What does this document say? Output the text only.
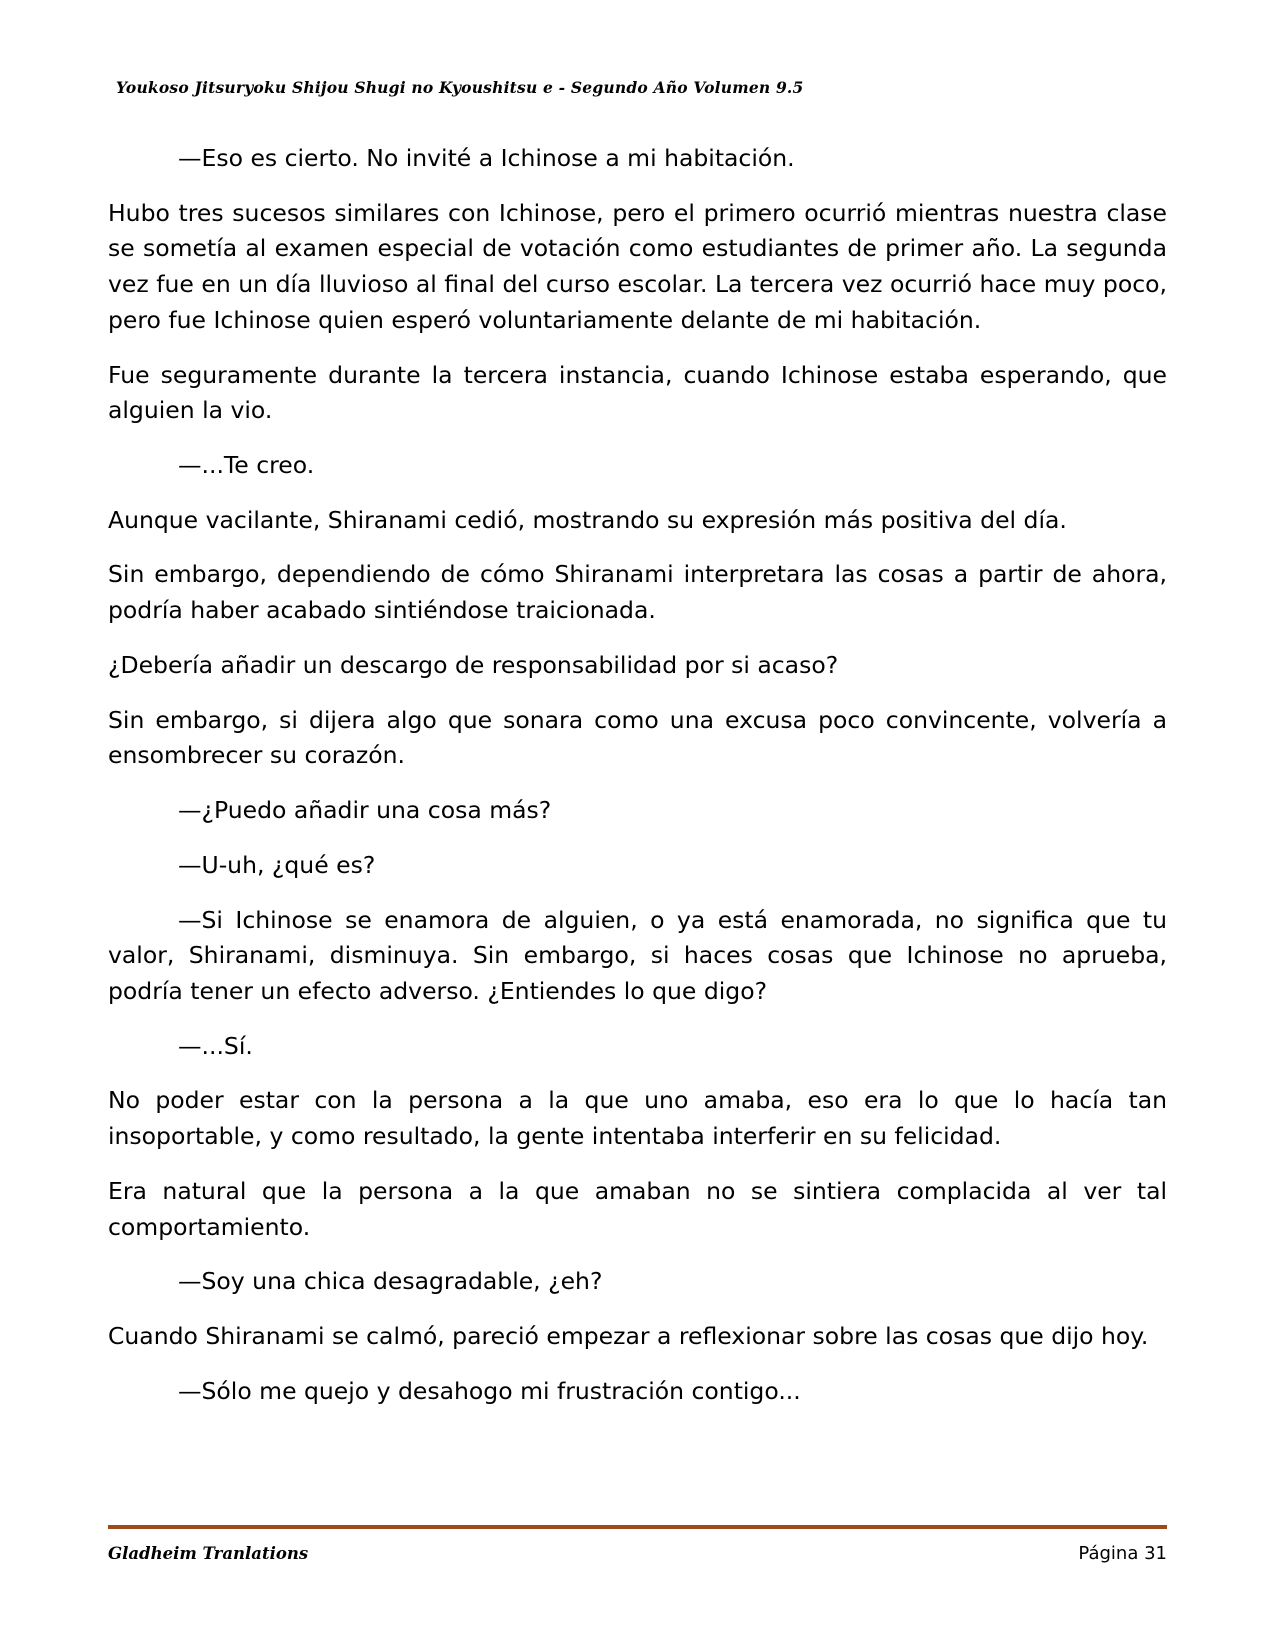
Youkoso Jitsuryoku Shijou Shugi no Kyoushitsu e - Segundo Año Volumen 9.5

—Eso es cierto. No invité a Ichinose a mi habitación.

Hubo tres sucesos similares con Ichinose, pero el primero ocurrió mientras nuestra clase se sometía al examen especial de votación como estudiantes de primer año. La segunda vez fue en un día lluvioso al final del curso escolar. La tercera vez ocurrió hace muy poco, pero fue Ichinose quien esperó voluntariamente delante de mi habitación.

Fue seguramente durante la tercera instancia, cuando Ichinose estaba esperando, que alguien la vio.

—...Te creo.

Aunque vacilante, Shiranami cedió, mostrando su expresión más positiva del día.

Sin embargo, dependiendo de cómo Shiranami interpretara las cosas a partir de ahora, podría haber acabado sintiéndose traicionada.

¿Debería añadir un descargo de responsabilidad por si acaso?

Sin embargo, si dijera algo que sonara como una excusa poco convincente, volvería a ensombrecer su corazón.

—¿Puedo añadir una cosa más?

—U-uh, ¿qué es?

—Si Ichinose se enamora de alguien, o ya está enamorada, no significa que tu valor, Shiranami, disminuya. Sin embargo, si haces cosas que Ichinose no aprueba, podría tener un efecto adverso. ¿Entiendes lo que digo?

—...Sí.

No poder estar con la persona a la que uno amaba, eso era lo que lo hacía tan insoportable, y como resultado, la gente intentaba interferir en su felicidad.

Era natural que la persona a la que amaban no se sintiera complacida al ver tal comportamiento.

—Soy una chica desagradable, ¿eh?

Cuando Shiranami se calmó, pareció empezar a reflexionar sobre las cosas que dijo hoy.

—Sólo me quejo y desahogo mi frustración contigo...

Gladheim Tranlations	Página 31
